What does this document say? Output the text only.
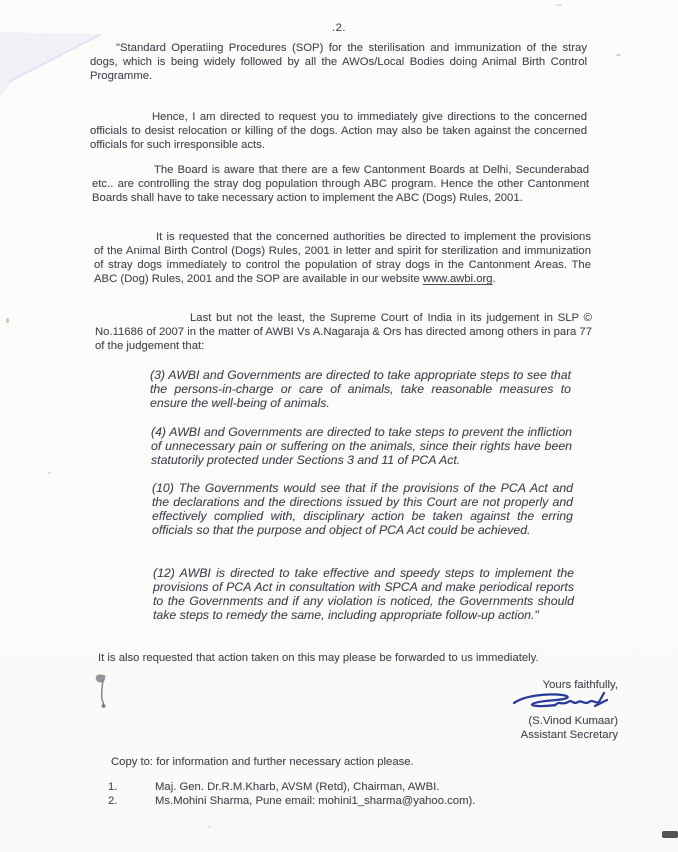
.2.
"Standard Operatiing Procedures (SOP) for the sterilisation and immunization of the stray dogs, which is being widely followed by all the AWOs/Local Bodies doing Animal Birth Control Programme.
Hence, I am directed to request you to immediately give directions to the concerned officials to desist relocation or killing of the dogs. Action may also be taken against the concerned officials for such irresponsible acts.
The Board is aware that there are a few Cantonment Boards at Delhi, Secunderabad etc.. are controlling the stray dog population through ABC program. Hence the other Cantonment Boards shall have to take necessary action to implement the ABC (Dogs) Rules, 2001.
It is requested that the concerned authorities be directed to implement the provisions of the Animal Birth Control (Dogs) Rules, 2001 in letter and spirit for sterilization and immunization of stray dogs immediately to control the population of stray dogs in the Cantonment Areas. The ABC (Dog) Rules, 2001 and the SOP are available in our website www.awbi.org.
Last but not the least, the Supreme Court of India in its judgement in SLP © No.11686 of 2007 in the matter of AWBI Vs A.Nagaraja & Ors has directed among others in para 77 of the judgement that:
(3) AWBI and Governments are directed to take appropriate steps to see that the persons-in-charge or care of animals, take reasonable measures to ensure the well-being of animals.
(4) AWBI and Governments are directed to take steps to prevent the infliction of unnecessary pain or suffering on the animals, since their rights have been statutorily protected under Sections 3 and 11 of PCA Act.
(10) The Governments would see that if the provisions of the PCA Act and the declarations and the directions issued by this Court are not properly and effectively complied with, disciplinary action be taken against the erring officials so that the purpose and object of PCA Act could be achieved.
(12) AWBI is directed to take effective and speedy steps to implement the provisions of PCA Act in consultation with SPCA and make periodical reports to the Governments and if any violation is noticed, the Governments should take steps to remedy the same, including appropriate follow-up action."
It is also requested that action taken on this may please be forwarded to us immediately.
Yours faithfully,
(S.Vinod Kumaar)
Assistant Secretary
Copy to: for information and further necessary action please.
1.	Maj. Gen. Dr.R.M.Kharb, AVSM (Retd), Chairman, AWBI.
2.	Ms.Mohini Sharma, Pune email: mohini1_sharma@yahoo.com).
